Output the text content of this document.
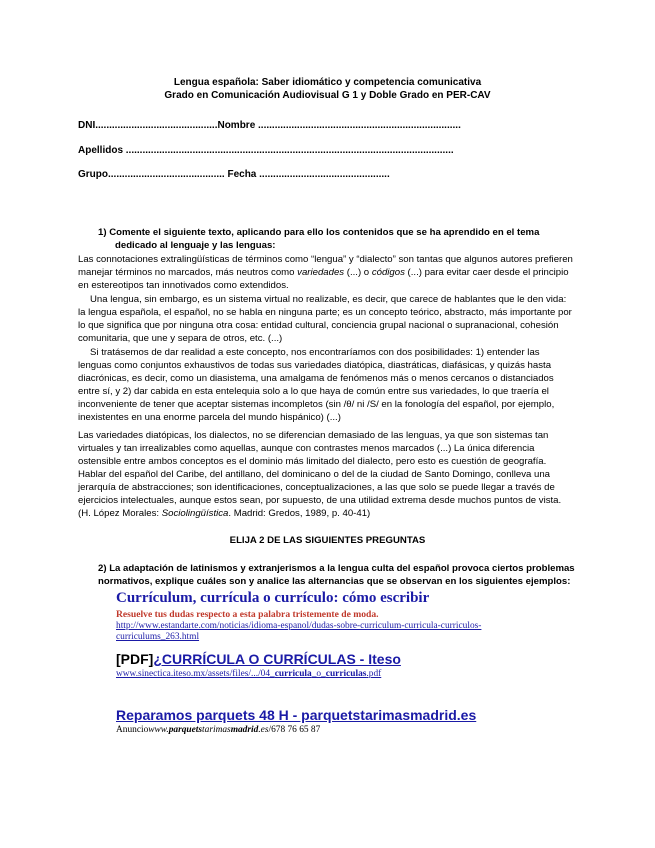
Lengua española: Saber idiomático y competencia comunicativa
Grado en Comunicación Audiovisual G 1 y Doble Grado en PER-CAV
DNI............................................Nombre .........................................................................
Apellidos ......................................................................................................................
Grupo.......................................... Fecha ...............................................
1) Comente el siguiente texto, aplicando para ello los contenidos que se ha aprendido en el tema
dedicado al lenguaje y las lenguas:
Las connotaciones extralingüísticas de términos como “lengua” y “dialecto” son tantas que algunos autores prefieren
manejar términos no marcados, más neutros como variedades (...) o códigos (...) para evitar caer desde el principio
en estereotipos tan innotivados como extendidos.
Una lengua, sin embargo, es un sistema virtual no realizable, es decir, que carece de hablantes que le den vida:
la lengua española, el español, no se habla en ninguna parte; es un concepto teórico, abstracto, más importante por
lo que significa que por ninguna otra cosa: entidad cultural, conciencia grupal nacional o supranacional, cohesión
comunitaria, que une y separa de otros, etc. (...)
Si tratásemos de dar realidad a este concepto, nos encontraríamos con dos posibilidades: 1) entender las
lenguas como conjuntos exhaustivos de todas sus variedades diatópica, diastráticas, diafásicas, y quizás hasta
diacrónicas, es decir, como un diasistema, una amalgama de fenómenos más o menos cercanos o distanciados
entre sí, y 2) dar cabida en esta entelequia solo a lo que haya de común entre sus variedades, lo que traería el
inconveniente de tener que aceptar sistemas incompletos (sin /θ/ ni /S/ en la fonología del español, por ejemplo,
inexistentes en una enorme parcela del mundo hispánico) (...)
Las variedades diatópicas, los dialectos, no se diferencian demasiado de las lenguas, ya que son sistemas tan
virtuales y tan irrealizables como aquellas, aunque con contrastes menos marcados (...) La única diferencia
ostensible entre ambos conceptos es el dominio más limitado del dialecto, pero esto es cuestión de geografía.
Hablar del español del Caribe, del antillano, del dominicano o del de la ciudad de Santo Domingo, conlleva una
jerarquía de abstracciones; son identificaciones, conceptualizaciones, a las que solo se puede llegar a través de
ejercicios intelectuales, aunque estos sean, por supuesto, de una utilidad extrema desde muchos puntos de vista.
(H. López Morales: Sociolingüística. Madrid: Gredos, 1989, p. 40-41)
ELIJA 2 DE LAS SIGUIENTES PREGUNTAS
2) La adaptación de latinismos y extranjerismos a la lengua culta del español provoca ciertos problemas
normativos, explique cuáles son y analice las alternancias que se observan en los siguientes ejemplos:
Currículum, currícula o currículo: cómo escribir
Resuelve tus dudas respecto a esta palabra tristemente de moda.
http://www.estandarte.com/noticias/idioma-espanol/dudas-sobre-curriculum-curricula-curriculos-
curriculums_263.html
[PDF]¿CURRÍCULA O CURRÍCULAS - Iteso
www.sinectica.iteso.mx/assets/files/.../04_curricula_o_curriculas.pdf
Reparamos parquets 48 H - parquetstarimasmadrid.es
Anunciowww.parquetstarimasmadrid.es/678 76 65 87
